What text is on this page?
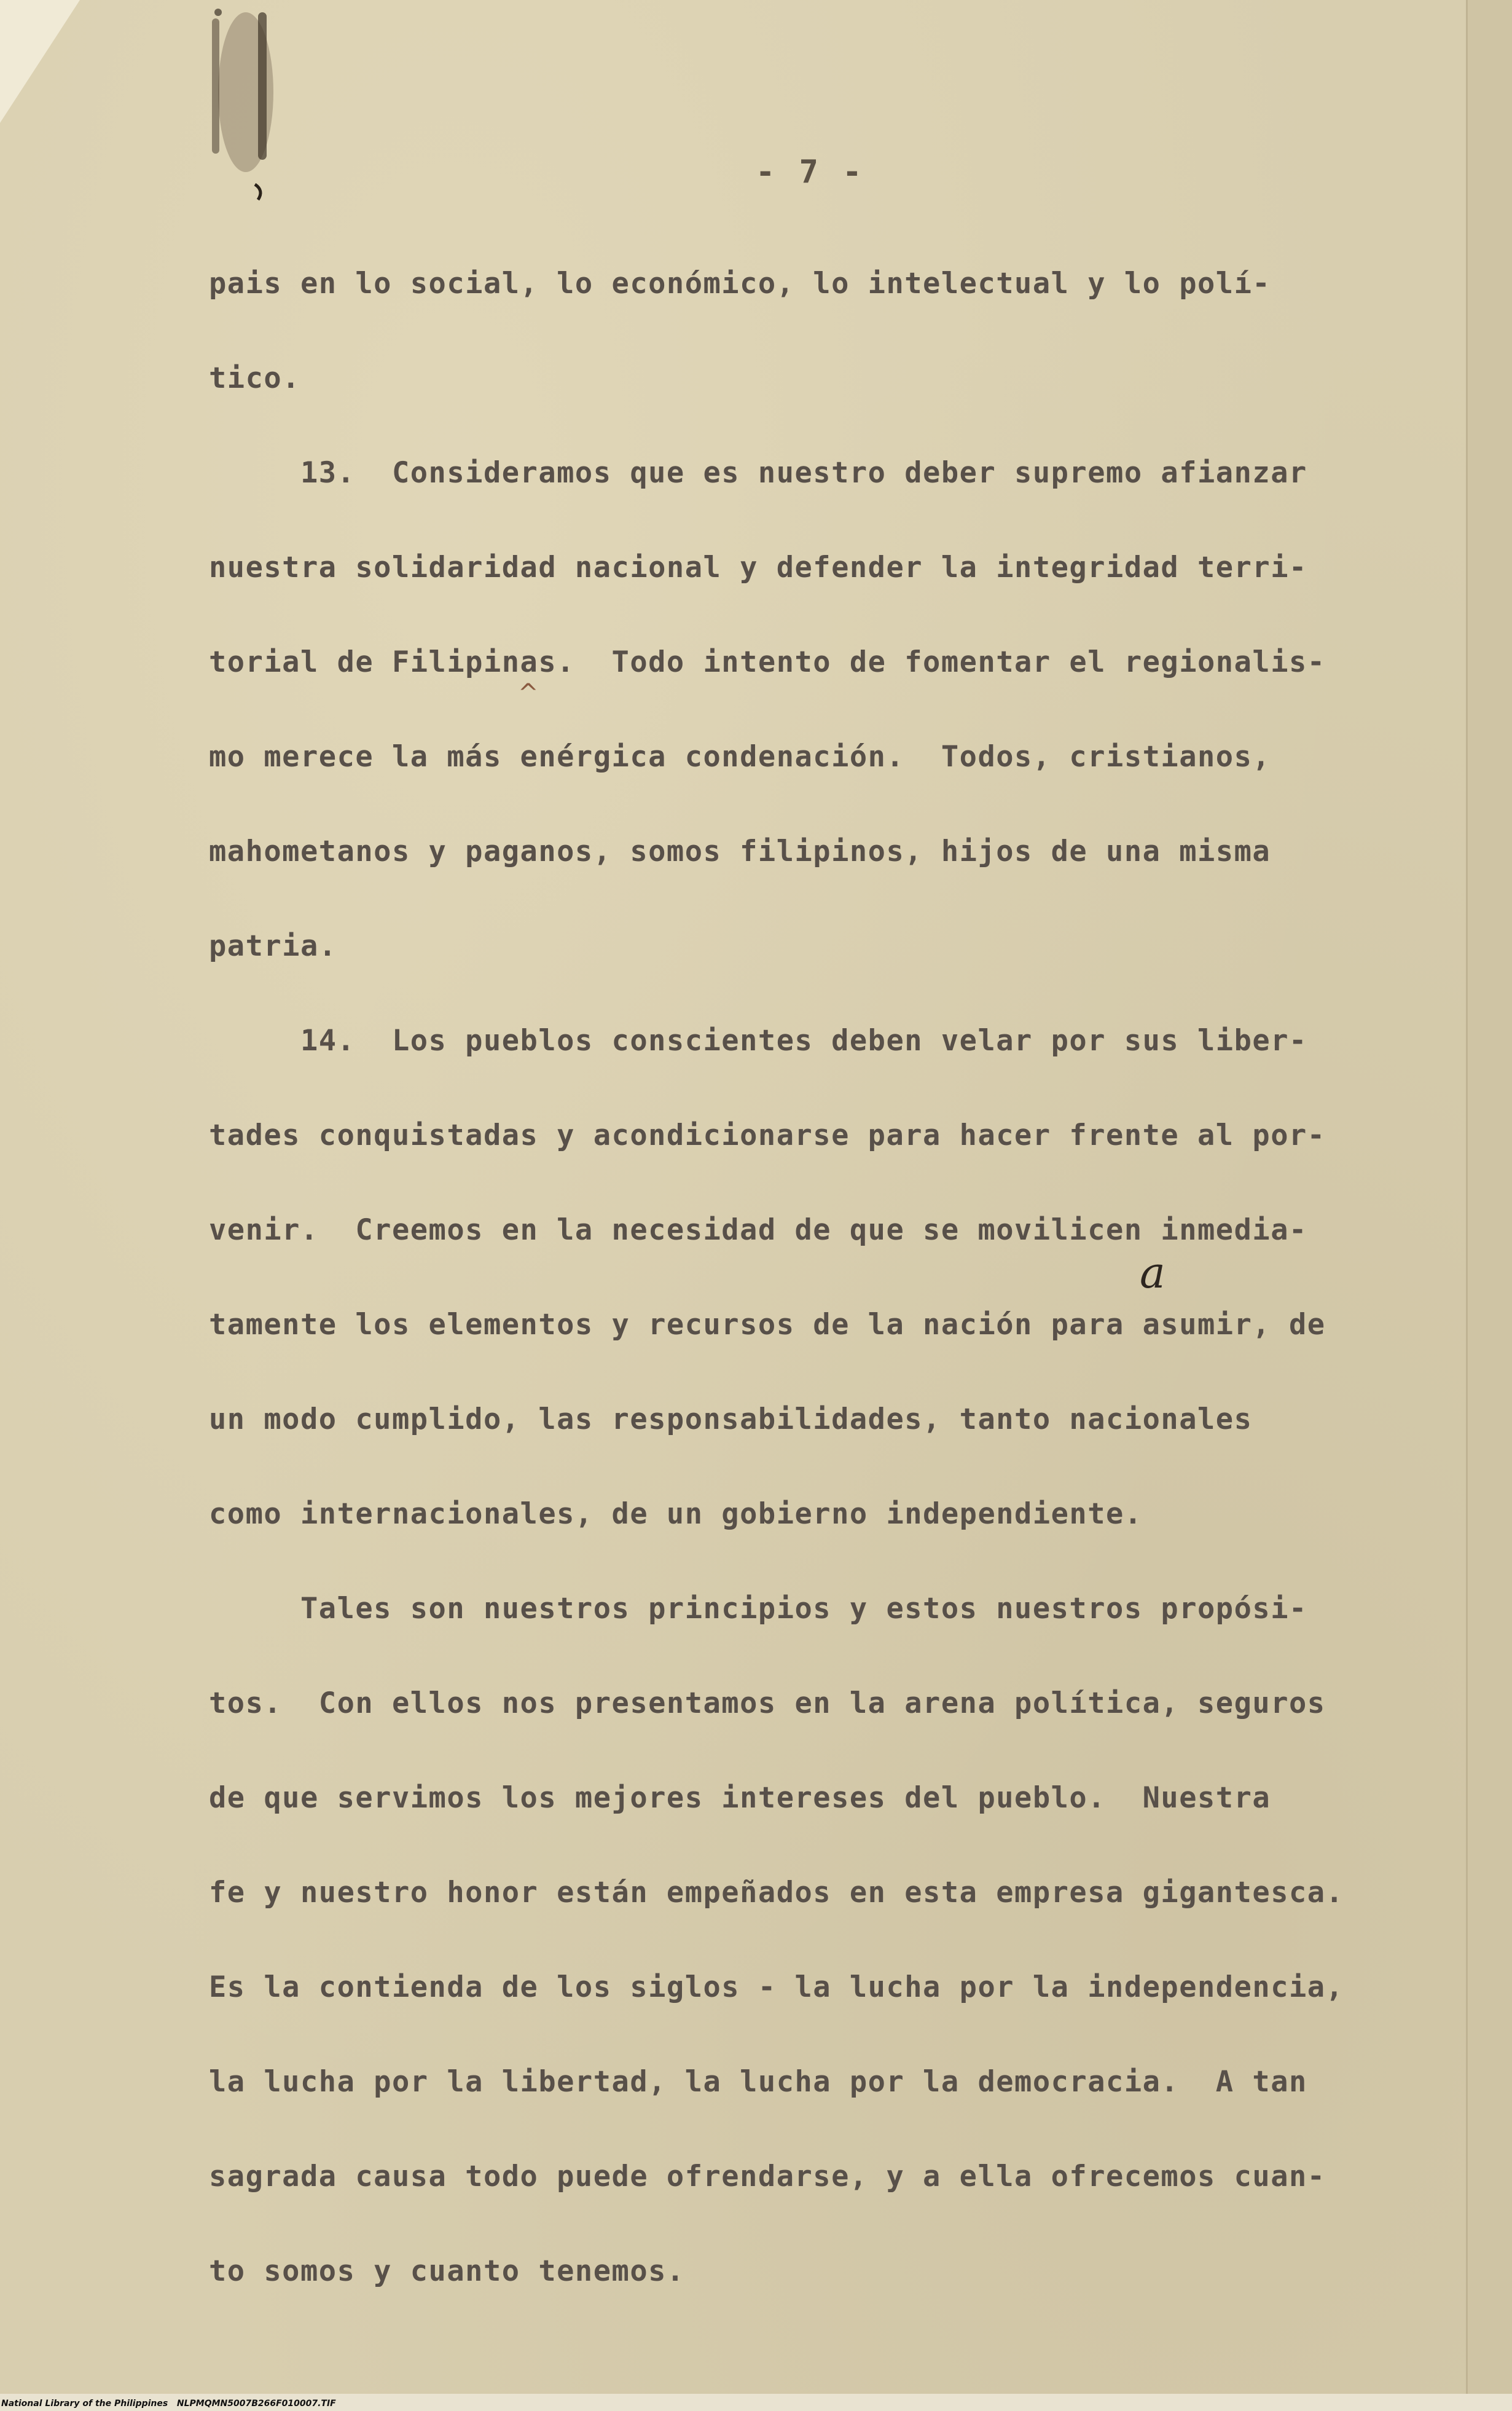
- 7 -
pais en lo social, lo económico, lo intelectual y lo polí-
tico.
13.  Consideramos que es nuestro deber supremo afianzar
nuestra solidaridad nacional y defender la integridad terri-
torial de Filipinas.  Todo intento de fomentar el regionalis-
mo merece la más enérgica condenación.  Todos, cristianos,
mahometanos y paganos, somos filipinos, hijos de una misma
patria.
14.  Los pueblos conscientes deben velar por sus liber-
tades conquistadas y acondicionarse para hacer frente al por-
venir.  Creemos en la necesidad de que se movilicen inmedia-
tamente los elementos y recursos de la nación para asumir, de
un modo cumplido, las responsabilidades, tanto nacionales
como internacionales, de un gobierno independiente.
Tales son nuestros principios y estos nuestros propósi-
tos.  Con ellos nos presentamos en la arena política, seguros
de que servimos los mejores intereses del pueblo.  Nuestra
fe y nuestro honor están empeñados en esta empresa gigantesca.
Es la contienda de los siglos - la lucha por la independencia,
la lucha por la libertad, la lucha por la democracia.  A tan
sagrada causa todo puede ofrendarse, y a ella ofrecemos cuan-
to somos y cuanto tenemos.
a
^
National Library of the Philippines NLPMQMN5007B266F010007.TIF
